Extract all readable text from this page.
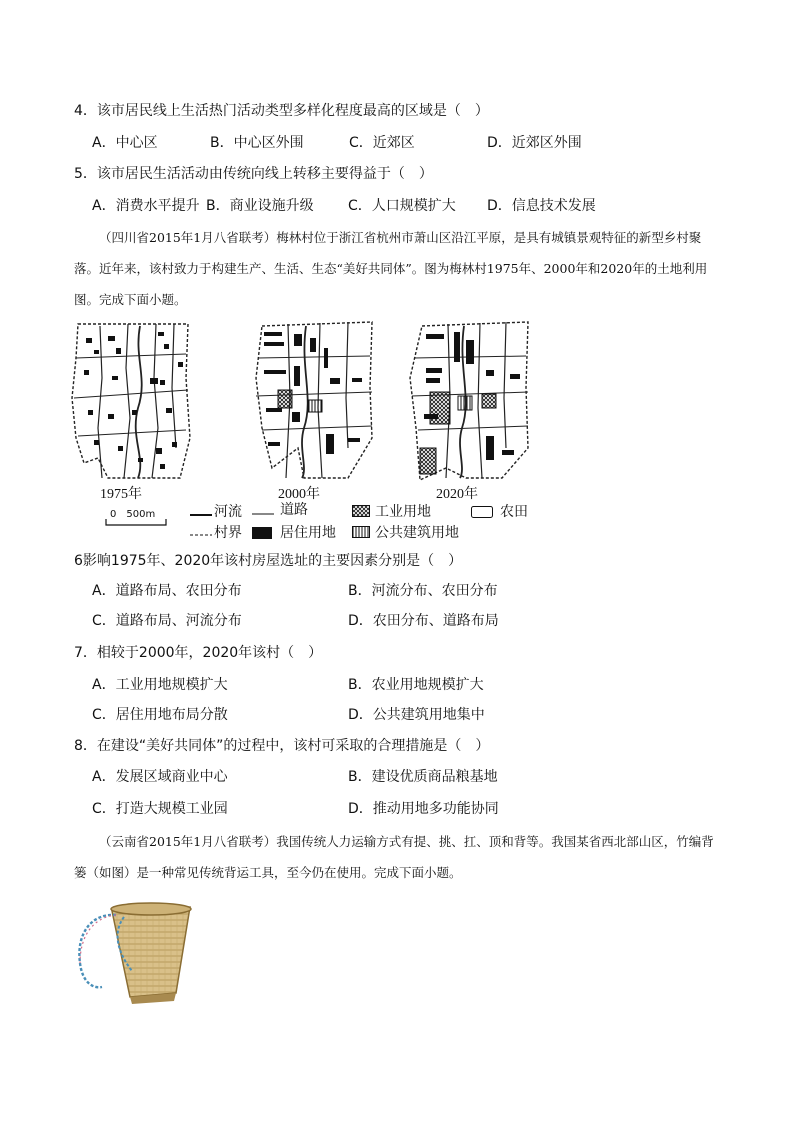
4．该市居民线上生活热门活动类型多样化程度最高的区域是（　）
A．中心区	B．中心区外围	C．近郊区	D．近郊区外围
5．该市居民生活活动由传统向线上转移主要得益于（　）
A．消费水平提升 B．商业设施升级 C．人口规模扩大 D．信息技术发展
（四川省2015年1月八省联考）梅林村位于浙江省杭州市萧山区沿江平原，是具有城镇景观特征的新型乡村聚落。近年来，该村致力于构建生产、生活、生态“美好共同体”。图为梅林村1975年、2000年和2020年的土地利用图。完成下面小题。
1975年	2000年	2020年
0　500m	河流	道路	工业用地	农田
村界	居住用地	公共建筑用地
6影响1975年、2020年该村房屋选址的主要因素分别是（　）
A．道路布局、农田分布	B．河流分布、农田分布
C．道路布局、河流分布	D．农田分布、道路布局
7．相较于2000年，2020年该村（　）
A．工业用地规模扩大	B．农业用地规模扩大
C．居住用地布局分散	D．公共建筑用地集中
8．在建设“美好共同体”的过程中，该村可采取的合理措施是（　）
A．发展区域商业中心	B．建设优质商品粮基地
C．打造大规模工业园	D．推动用地多功能协同
（云南省2015年1月八省联考）我国传统人力运输方式有提、挑、扛、顶和背等。我国某省西北部山区，竹编背篓（如图）是一种常见传统背运工具，至今仍在使用。完成下面小题。
